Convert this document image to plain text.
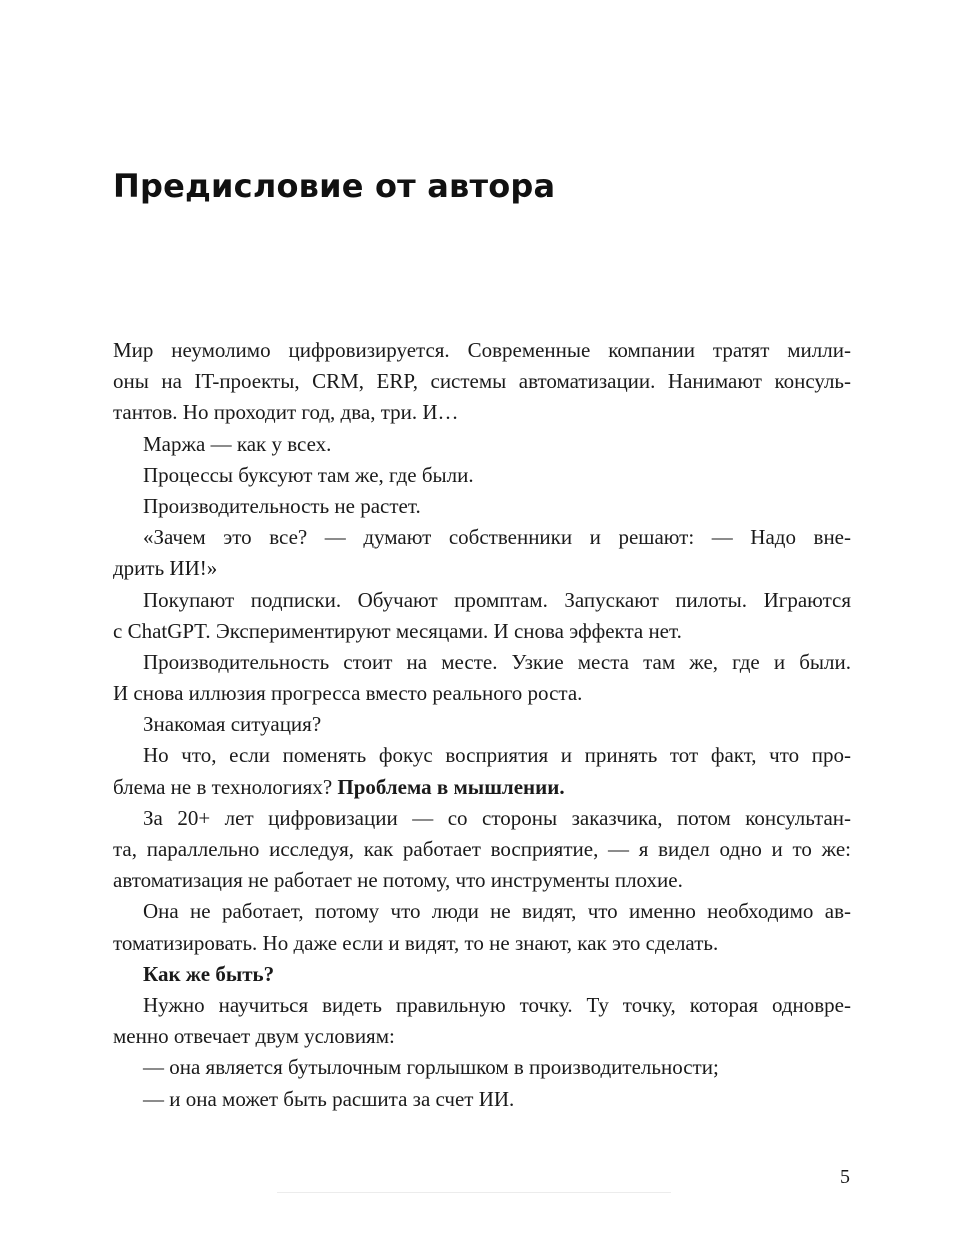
Предисловие от автора
Мир неумолимо цифровизируется. Современные компании тратят милли-
оны на IT-проекты, CRM, ERP, системы автоматизации. Нанимают консуль-
тантов. Но проходит год, два, три. И…
Маржа — как у всех.
Процессы буксуют там же, где были.
Производительность не растет.
«Зачем это все? — думают собственники и решают: — Надо вне-
дрить ИИ!»
Покупают подписки. Обучают промптам. Запускают пилоты. Играются
с ChatGPT. Экспериментируют месяцами. И снова эффекта нет.
Производительность стоит на месте. Узкие места там же, где и были.
И снова иллюзия прогресса вместо реального роста.
Знакомая ситуация?
Но что, если поменять фокус восприятия и принять тот факт, что про-
блема не в технологиях? Проблема в мышлении.
За 20+ лет цифровизации — со стороны заказчика, потом консультан-
та, параллельно исследуя, как работает восприятие, — я видел одно и то же:
автоматизация не работает не потому, что инструменты плохие.
Она не работает, потому что люди не видят, что именно необходимо ав-
томатизировать. Но даже если и видят, то не знают, как это сделать.
Как же быть?
Нужно научиться видеть правильную точку. Ту точку, которая одновре-
менно отвечает двум условиям:
— она является бутылочным горлышком в производительности;
— и она может быть расшита за счет ИИ.
5
